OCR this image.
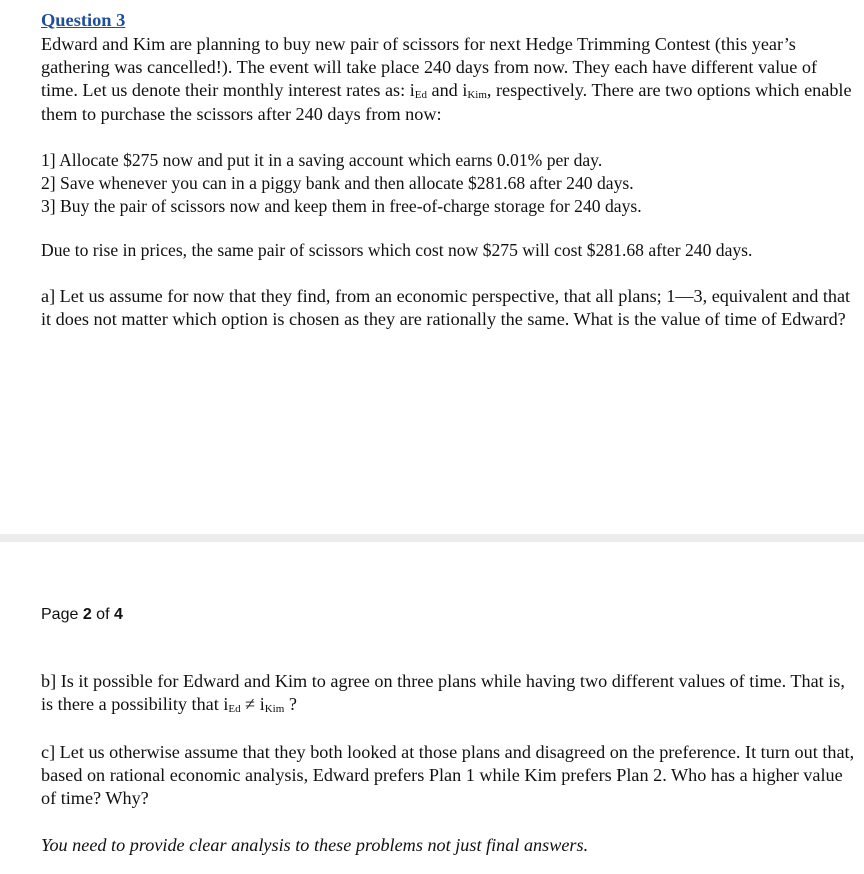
Question 3

Edward and Kim are planning to buy new pair of scissors for next Hedge Trimming Contest (this year’s gathering was cancelled!). The event will take place 240 days from now. They each have different value of time. Let us denote their monthly interest rates as: $i_{Ed}$ and $i_{Kim}$, respectively. There are two options which enable them to purchase the scissors after 240 days from now:

1] Allocate $275 now and put it in a saving account which earns 0.01% per day.
2] Save whenever you can in a piggy bank and then allocate $281.68 after 240 days.
3] Buy the pair of scissors now and keep them in free-of-charge storage for 240 days.

Due to rise in prices, the same pair of scissors which cost now $275 will cost $281.68 after 240 days.

a] Let us assume for now that they find, from an economic perspective, that all plans; 1—3, equivalent and that it does not matter which option is chosen as they are rationally the same. What is the value of time of Edward?

Page 2 of 4

b] Is it possible for Edward and Kim to agree on three plans while having two different values of time. That is, is there a possibility that $i_{Ed} \ne i_{Kim}$ ?

c] Let us otherwise assume that they both looked at those plans and disagreed on the preference. It turn out that, based on rational economic analysis, Edward prefers Plan 1 while Kim prefers Plan 2. Who has a higher value of time? Why?

You need to provide clear analysis to these problems not just final answers.
